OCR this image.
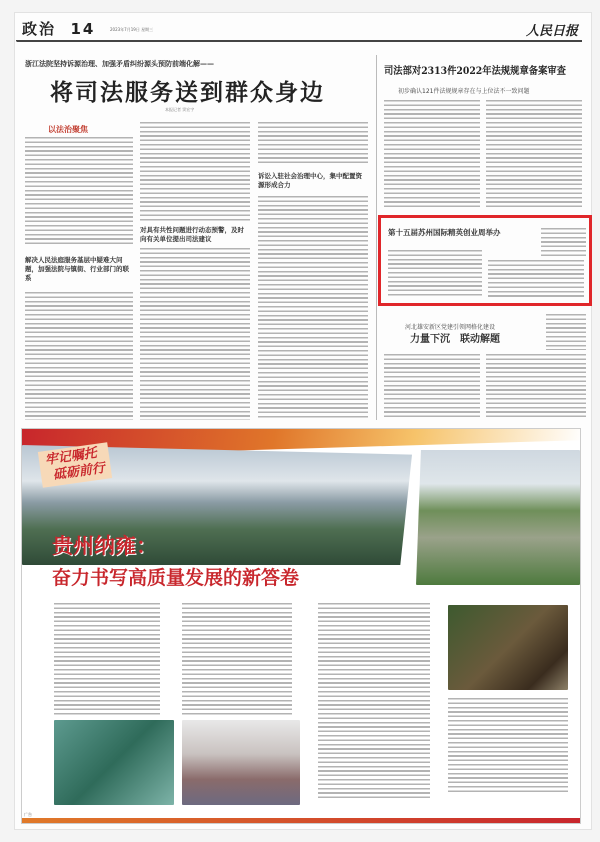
政治 14	2023年7月19日 星期三	人民日报
浙江法院坚持诉源治理、加强矛盾纠纷源头预防前端化解——
将司法服务送到群众身边
本报记者 窦宏宇
以法治聚焦
解决人民法庭服务基层中疑难大问题，加强法院与镇街、行业部门的联系
对具有共性问题进行动态预警，及时向有关单位提出司法建议
诉讼入驻社会治理中心，集中配置资源形成合力
司法部对2313件2022年法规规章备案审查
初步确认121件法规规章存在与上位法不一致问题
第十五届苏州国际精英创业周举办
河北雄安新区党建引领网格化建设
力量下沉　联动解题
牢记嘱托
砥砺前行
贵州纳雍：
奋力书写高质量发展的新答卷
广告
